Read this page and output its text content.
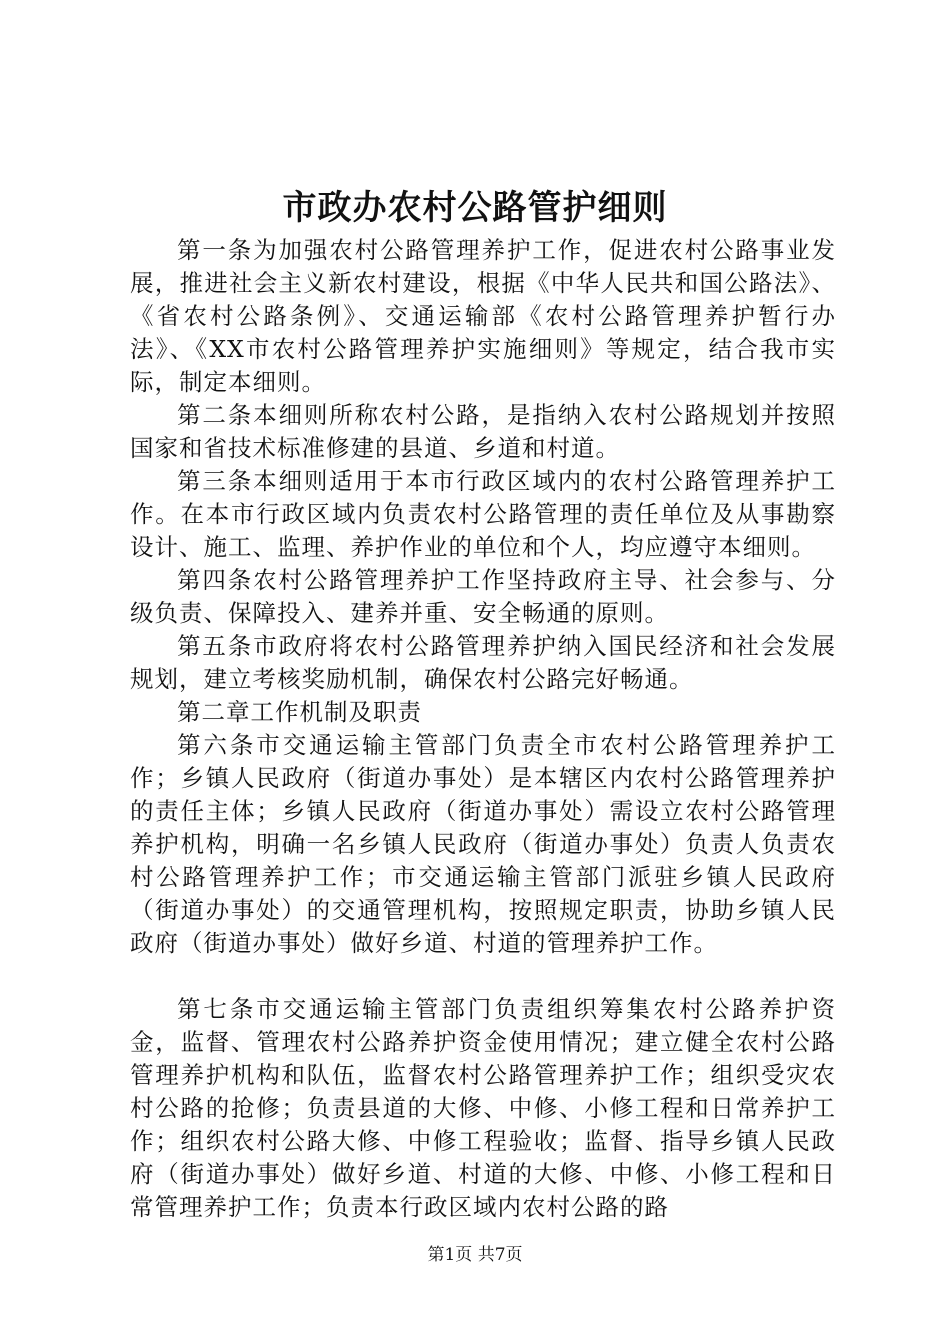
市政办农村公路管护细则

第一条为加强农村公路管理养护工作，促进农村公路事业发展，推进社会主义新农村建设，根据《中华人民共和国公路法》、《省农村公路条例》、交通运输部《农村公路管理养护暂行办法》、《XX市农村公路管理养护实施细则》等规定，结合我市实际，制定本细则。

第二条本细则所称农村公路，是指纳入农村公路规划并按照国家和省技术标准修建的县道、乡道和村道。

第三条本细则适用于本市行政区域内的农村公路管理养护工作。在本市行政区域内负责农村公路管理的责任单位及从事勘察设计、施工、监理、养护作业的单位和个人，均应遵守本细则。

第四条农村公路管理养护工作坚持政府主导、社会参与、分级负责、保障投入、建养并重、安全畅通的原则。

第五条市政府将农村公路管理养护纳入国民经济和社会发展规划，建立考核奖励机制，确保农村公路完好畅通。

第二章工作机制及职责

第六条市交通运输主管部门负责全市农村公路管理养护工作；乡镇人民政府（街道办事处）是本辖区内农村公路管理养护的责任主体；乡镇人民政府（街道办事处）需设立农村公路管理养护机构，明确一名乡镇人民政府（街道办事处）负责人负责农村公路管理养护工作；市交通运输主管部门派驻乡镇人民政府（街道办事处）的交通管理机构，按照规定职责，协助乡镇人民政府（街道办事处）做好乡道、村道的管理养护工作。

第七条市交通运输主管部门负责组织筹集农村公路养护资金，监督、管理农村公路养护资金使用情况；建立健全农村公路管理养护机构和队伍，监督农村公路管理养护工作；组织受灾农村公路的抢修；负责县道的大修、中修、小修工程和日常养护工作；组织农村公路大修、中修工程验收；监督、指导乡镇人民政府（街道办事处）做好乡道、村道的大修、中修、小修工程和日常管理养护工作；负责本行政区域内农村公路的路

第1页 共7页
